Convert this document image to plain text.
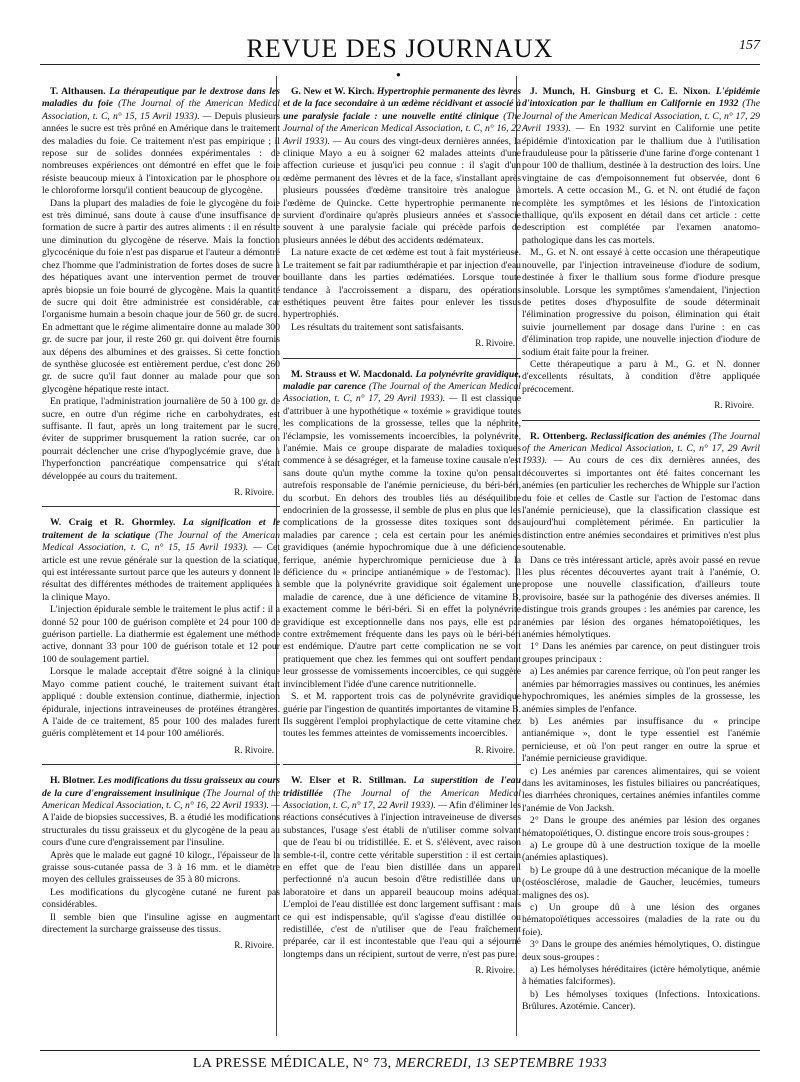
REVUE DES JOURNAUX	157
●

T. Althausen. La thérapeutique par le dextrose dans les maladies du foie (The Journal of the American Medical Association, t. C, n° 15, 15 Avril 1933). — Depuis plusieurs années le sucre est très prôné en Amérique dans le traitement des maladies du foie. Ce traitement n'est pas empirique ; il repose sur de solides données expérimentales : de nombreuses expériences ont démontré en effet que le foie résiste beaucoup mieux à l'intoxication par le phosphore ou le chloroforme lorsqu'il contient beaucoup de glycogène.

Dans la plupart des maladies de foie le glycogène du foie est très diminué, sans doute à cause d'une insuffisance de formation de sucre à partir des autres aliments : il en résulte une diminution du glycogène de réserve. Mais la fonction glycocénique du foie n'est pas disparue et l'auteur a démontré chez l'homme que l'administration de fortes doses de sucre à des hépatiques avant une intervention permet de trouver après biopsie un foie bourré de glycogène. Mais la quantité de sucre qui doit être administrée est considérable, car l'organisme humain a besoin chaque jour de 560 gr. de sucre. En admettant que le régime alimentaire donne au malade 300 gr. de sucre par jour, il reste 260 gr. qui doivent être fournis aux dépens des albumines et des graisses. Si cette fonction de synthèse glucosée est entièrement perdue, c'est donc 260 gr. de sucre qu'il faut donner au malade pour que son glycogène hépatique reste intact.

En pratique, l'administration journalière de 50 à 100 gr. de sucre, en outre d'un régime riche en carbohydrates, est suffisante. Il faut, après un long traitement par le sucre, éviter de supprimer brusquement la ration sucrée, car on pourrait déclencher une crise d'hypoglycémie grave, due à l'hyperfonction pancréatique compensatrice qui s'était développée au cours du traitement.

R. Rivoire.

W. Craig et R. Ghormley. La signification et le traitement de la sciatique (The Journal of the American Medical Association, t. C, n° 15, 15 Avril 1933). — Cet article est une revue générale sur la question de la sciatique, qui est intéressante surtout parce que les auteurs y donnent le résultat des différentes méthodes de traitement appliquées à la clinique Mayo.

L'injection épidurale semble le traitement le plus actif : il a donné 52 pour 100 de guérison complète et 24 pour 100 de guérison partielle. La diathermie est également une méthode active, donnant 33 pour 100 de guérison totale et 12 pour 100 de soulagement partiel.

Lorsque le malade acceptait d'être soigné à la clinique Mayo comme patient couché, le traitement suivant était appliqué : double extension continue, diathermie, injection épidurale, injections intraveineuses de protéines étrangères. A l'aide de ce traitement, 85 pour 100 des malades furent guéris complètement et 14 pour 100 améliorés.

R. Rivoire.

H. Blotner. Les modifications du tissu graisseux au cours de la cure d'engraissement insulinique (The Journal of the American Medical Association, t. C, n° 16, 22 Avril 1933). — A l'aide de biopsies successives, B. a étudié les modifications structurales du tissu graisseux et du glycogène de la peau au cours d'une cure d'engraissement par l'insuline.

Après que le malade eut gagné 10 kilogr., l'épaisseur de la graisse sous-cutanée passa de 3 à 16 mm. et le diamètre moyen des cellules graisseuses de 35 à 80 microns.

Les modifications du glycogène cutané ne furent pas considérables.

Il semble bien que l'insuline agisse en augmentant directement la surcharge graisseuse des tissus.

R. Rivoire.

G. New et W. Kirch. Hypertrophie permanente des lèvres et de la face secondaire à un œdème récidivant et associé à une paralysie faciale : une nouvelle entité clinique (The Journal of the American Medical Association, t. C, n° 16, 22 Avril 1933). — Au cours des vingt-deux dernières années, la clinique Mayo a eu à soigner 62 malades atteints d'une affection curieuse et jusqu'ici peu connue : il s'agit d'un œdème permanent des lèvres et de la face, s'installant après plusieurs poussées d'œdème transitoire très analogue à l'œdème de Quincke. Cette hypertrophie permanente ne survient d'ordinaire qu'après plusieurs années et s'associe souvent à une paralysie faciale qui précède parfois de plusieurs années le début des accidents œdémateux.

La nature exacte de cet œdème est tout à fait mystérieuse. Le traitement se fait par radiumthérapie et par injection d'eau bouillante dans les parties œdématiées. Lorsque toute tendance à l'accroissement a disparu, des opérations esthétiques peuvent être faites pour enlever les tissus hypertrophiés.

Les résultats du traitement sont satisfaisants.

R. Rivoire.

M. Strauss et W. Macdonald. La polynévrite gravidique, maladie par carence (The Journal of the American Medical Association, t. C, n° 17, 29 Avril 1933). — Il est classique d'attribuer à une hypothétique « toxémie » gravidique toutes les complications de la grossesse, telles que la néphrite, l'éclampsie, les vomissements incoercibles, la polynévrite, l'anémie. Mais ce groupe disparate de maladies toxiques commence à se désagréger, et la fameuse toxine causale n'est sans doute qu'un mythe comme la toxine qu'on pensait autrefois responsable de l'anémie pernicieuse, du béri-béri, du scorbut. En dehors des troubles liés au déséquilibre endocrinien de la grossesse, il semble de plus en plus que les complications de la grossesse dites toxiques sont des maladies par carence ; cela est certain pour les anémies gravidiques (anémie hypochromique due à une déficience ferrique, anémie hyperchromique pernicieuse due à la déficience du « principe antianémique » de l'estomac). Il semble que la polynévrite gravidique soit également une maladie de carence, due à une déficience de vitamine B, exactement comme le béri-béri. Si en effet la polynévrite gravidique est exceptionnelle dans nos pays, elle est par contre extrêmement fréquente dans les pays où le béri-béri est endémique. D'autre part cette complication ne se voit pratiquement que chez les femmes qui ont souffert pendant leur grossesse de vomissements incoercibles, ce qui suggère invinciblement l'idée d'une carence nutritionnelle.

S. et M. rapportent trois cas de polynévrite gravidique guérie par l'ingestion de quantités importantes de vitamine B. Ils suggèrent l'emploi prophylactique de cette vitamine chez toutes les femmes atteintes de vomissements incoercibles.

R. Rivoire.

W. Elser et R. Stillman. La superstition de l'eau tridistillée (The Journal of the American Medical Association, t. C, n° 17, 22 Avril 1933). — Afin d'éliminer les réactions consécutives à l'injection intraveineuse de diverses substances, l'usage s'est établi de n'utiliser comme solvant que de l'eau bi ou tridistillée. E. et S. s'élèvent, avec raison semble-t-il, contre cette véritable superstition : il est certain en effet que de l'eau bien distillée dans un appareil perfectionné n'a aucun besoin d'être redistillée dans un laboratoire et dans un appareil beaucoup moins adéquat. L'emploi de l'eau distillée est donc largement suffisant : mais ce qui est indispensable, qu'il s'agisse d'eau distillée ou redistillée, c'est de n'utiliser que de l'eau fraîchement préparée, car il est incontestable que l'eau qui a séjourné longtemps dans un récipient, surtout de verre, n'est pas pure.

R. Rivoire.

J. Munch, H. Ginsburg et C. E. Nixon. L'épidémie d'intoxication par le thallium en Californie en 1932 (The Journal of the American Medical Association, t. C, n° 17, 29 Avril 1933). — En 1932 survint en Californie une petite épidémie d'intoxication par le thallium due à l'utilisation frauduleuse pour la pâtisserie d'une farine d'orge contenant 1 pour 100 de thallium, destinée à la destruction des loirs. Une vingtaine de cas d'empoisonnement fut observée, dont 6 mortels. A cette occasion M., G. et N. ont étudié de façon complète les symptômes et les lésions de l'intoxication thallique, qu'ils exposent en détail dans cet article : cette description est complétée par l'examen anatomo-pathologique dans les cas mortels.

M., G. et N. ont essayé à cette occasion une thérapeutique nouvelle, par l'injection intraveineuse d'iodure de sodium, destinée à fixer le thallium sous forme d'iodure presque insoluble. Lorsque les symptômes s'amendaient, l'injection de petites doses d'hyposulfite de soude déterminait l'élimination progressive du poison, élimination qui était suivie journellement par dosage dans l'urine : en cas d'élimination trop rapide, une nouvelle injection d'iodure de sodium était faite pour la freiner.

Cette thérapeutique a paru à M., G. et N. donner d'excellents résultats, à condition d'être appliquée précocement.

R. Rivoire.

R. Ottenberg. Reclassification des anémies (The Journal of the American Medical Association, t. C, n° 17, 29 Avril 1933). — Au cours de ces dix dernières années, des découvertes si importantes ont été faites concernant les anémies (en particulier les recherches de Whipple sur l'action du foie et celles de Castle sur l'action de l'estomac dans l'anémie pernicieuse), que la classification classique est aujourd'hui complètement périmée. En particulier la distinction entre anémies secondaires et primitives n'est plus soutenable.

Dans ce très intéressant article, après avoir passé en revue les plus récentes découvertes ayant trait à l'anémie, O. propose une nouvelle classification, d'ailleurs toute provisoire, basée sur la pathogénie des diverses anémies. Il distingue trois grands groupes : les anémies par carence, les anémies par lésion des organes hématopoïétiques, les anémies hémolytiques.

1° Dans les anémies par carence, on peut distinguer trois groupes principaux :

a) Les anémies par carence ferrique, où l'on peut ranger les anémies par hémorragies massives ou continues, les anémies hypochromiques, les anémies simples de la grossesse, les anémies simples de l'enfance.

b) Les anémies par insuffisance du « principe antianémique », dont le type essentiel est l'anémie pernicieuse, et où l'on peut ranger en outre la sprue et l'anémie pernicieuse gravidique.

c) Les anémies par carences alimentaires, qui se voient dans les avitaminoses, les fistules biliaires ou pancréatiques, les diarrhées chroniques, certaines anémies infantiles comme l'anémie de Von Jacksh.

2° Dans le groupe des anémies par lésion des organes hématopoïétiques, O. distingue encore trois sous-groupes :

a) Le groupe dû à une destruction toxique de la moelle (anémies aplastiques).

b) Le groupe dû à une destruction mécanique de la moelle (ostéosclérose, maladie de Gaucher, leucémies, tumeurs malignes des os).

c) Un groupe dû à une lésion des organes hématopoïétiques accessoires (maladies de la rate ou du foie).

3° Dans le groupe des anémies hémolytiques, O. distingue deux sous-groupes :

a) Les hémolyses héréditaires (ictère hémolytique, anémie à hématies falciformes).

b) Les hémolyses toxiques (Infections. Intoxications. Brûlures. Azotémie. Cancer).

LA PRESSE MÉDICALE, N° 73, MERCREDI, 13 SEPTEMBRE 1933
